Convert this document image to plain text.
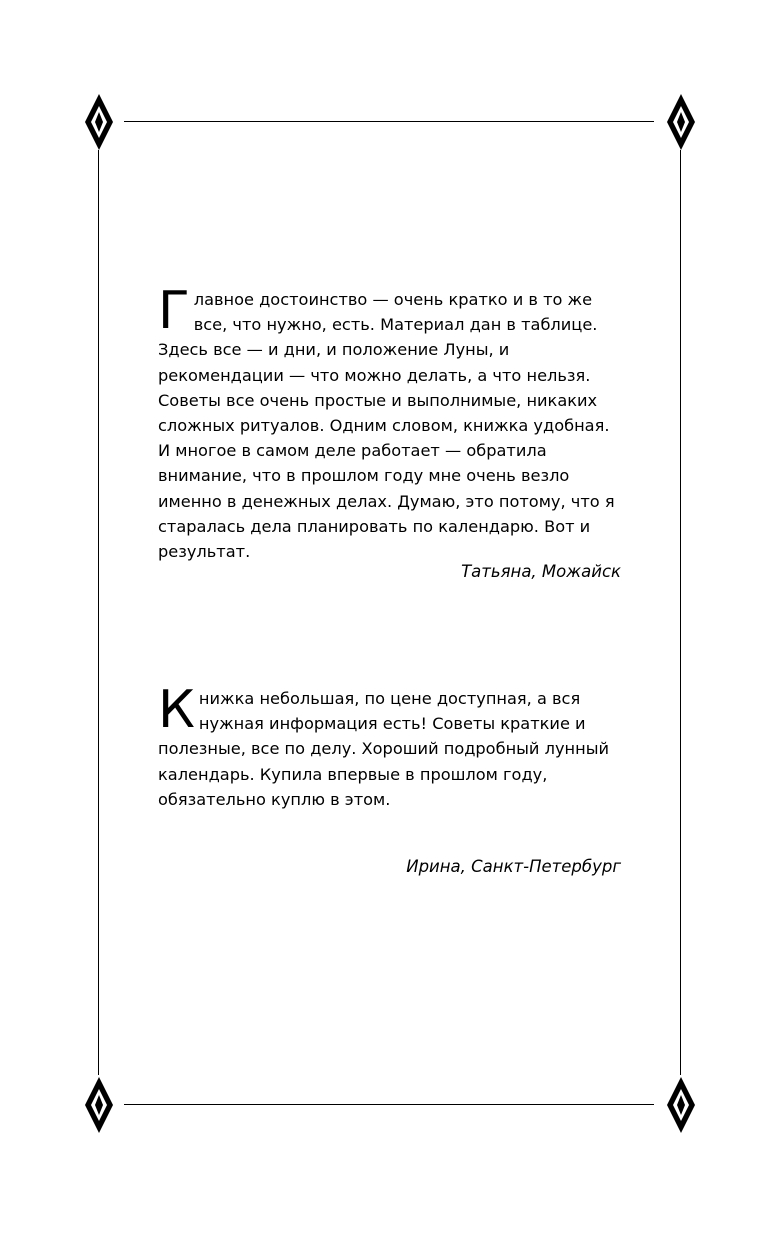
Главное достоинство — очень кратко и в то же все, что нужно, есть. Материал дан в таблице. Здесь все — и дни, и положение Луны, и рекомендации — что можно делать, а что нельзя. Советы все очень простые и выполнимые, никаких сложных ритуалов. Одним словом, книжка удобная. И многое в самом деле работает — обратила внимание, что в прошлом году мне очень везло именно в денежных делах. Думаю, это потому, что я старалась дела планировать по календарю. Вот и результат.

Татьяна, Можайск

Книжка небольшая, по цене доступная, а вся нужная информация есть! Советы краткие и полезные, все по делу. Хороший подробный лунный календарь. Купила впервые в прошлом году, обязательно куплю в этом.

Ирина, Санкт-Петербург
